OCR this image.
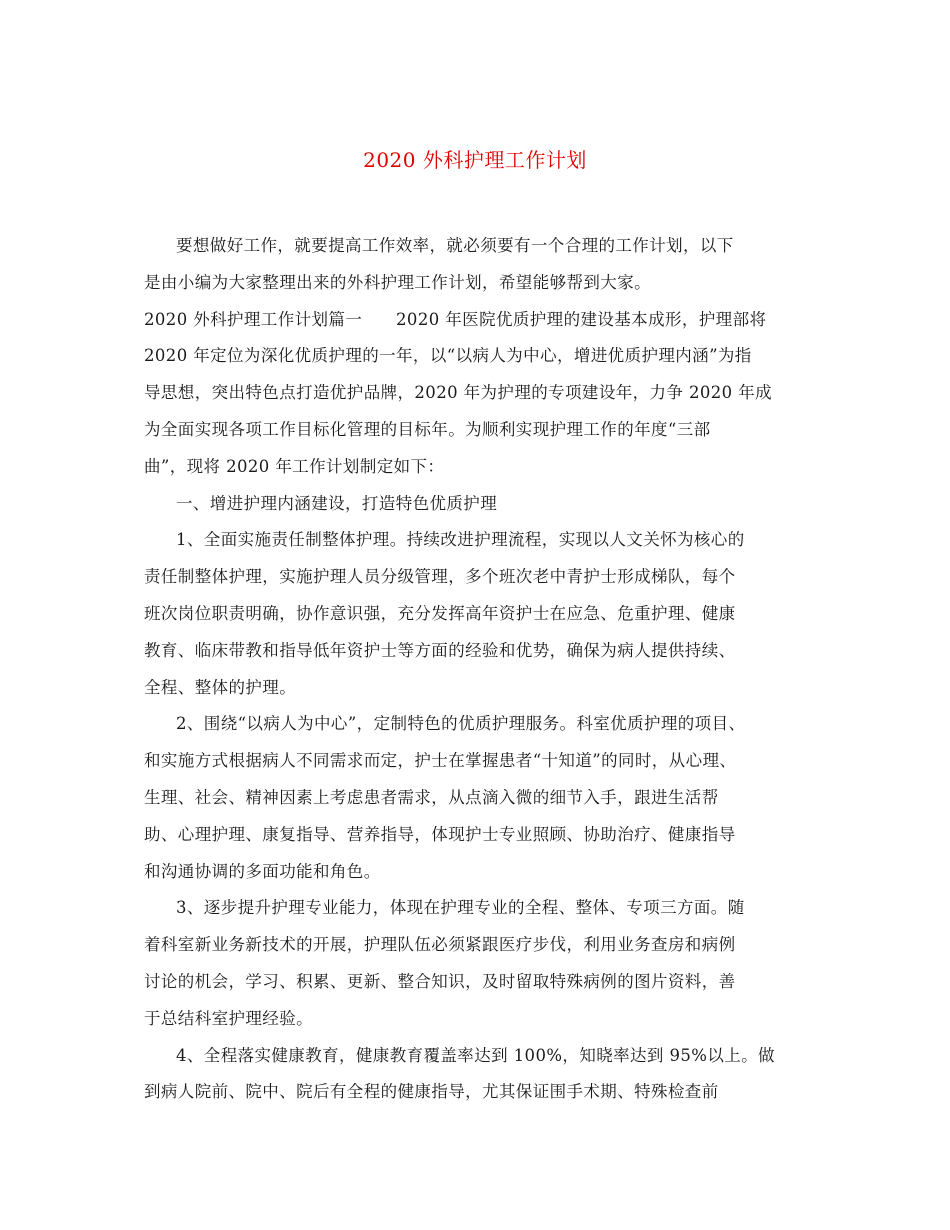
2020 外科护理工作计划
要想做好工作，就要提高工作效率，就必须要有一个合理的工作计划，以下
是由小编为大家整理出来的外科护理工作计划，希望能够帮到大家。
2020 外科护理工作计划篇一　　2020 年医院优质护理的建设基本成形，护理部将
2020 年定位为深化优质护理的一年，以“以病人为中心，增进优质护理内涵”为指
导思想，突出特色点打造优护品牌，2020 年为护理的专项建设年，力争 2020 年成
为全面实现各项工作目标化管理的目标年。为顺利实现护理工作的年度“三部
曲”，现将 2020 年工作计划制定如下：
一、增进护理内涵建设，打造特色优质护理
1、全面实施责任制整体护理。持续改进护理流程，实现以人文关怀为核心的
责任制整体护理，实施护理人员分级管理，多个班次老中青护士形成梯队，每个
班次岗位职责明确，协作意识强，充分发挥高年资护士在应急、危重护理、健康
教育、临床带教和指导低年资护士等方面的经验和优势，确保为病人提供持续、
全程、整体的护理。
2、围绕“以病人为中心”，定制特色的优质护理服务。科室优质护理的项目、
和实施方式根据病人不同需求而定，护士在掌握患者“十知道”的同时，从心理、
生理、社会、精神因素上考虑患者需求，从点滴入微的细节入手，跟进生活帮
助、心理护理、康复指导、营养指导，体现护士专业照顾、协助治疗、健康指导
和沟通协调的多面功能和角色。
3、逐步提升护理专业能力，体现在护理专业的全程、整体、专项三方面。随
着科室新业务新技术的开展，护理队伍必须紧跟医疗步伐，利用业务查房和病例
讨论的机会，学习、积累、更新、整合知识，及时留取特殊病例的图片资料，善
于总结科室护理经验。
4、全程落实健康教育，健康教育覆盖率达到 100%，知晓率达到 95%以上。做
到病人院前、院中、院后有全程的健康指导，尤其保证围手术期、特殊检查前
